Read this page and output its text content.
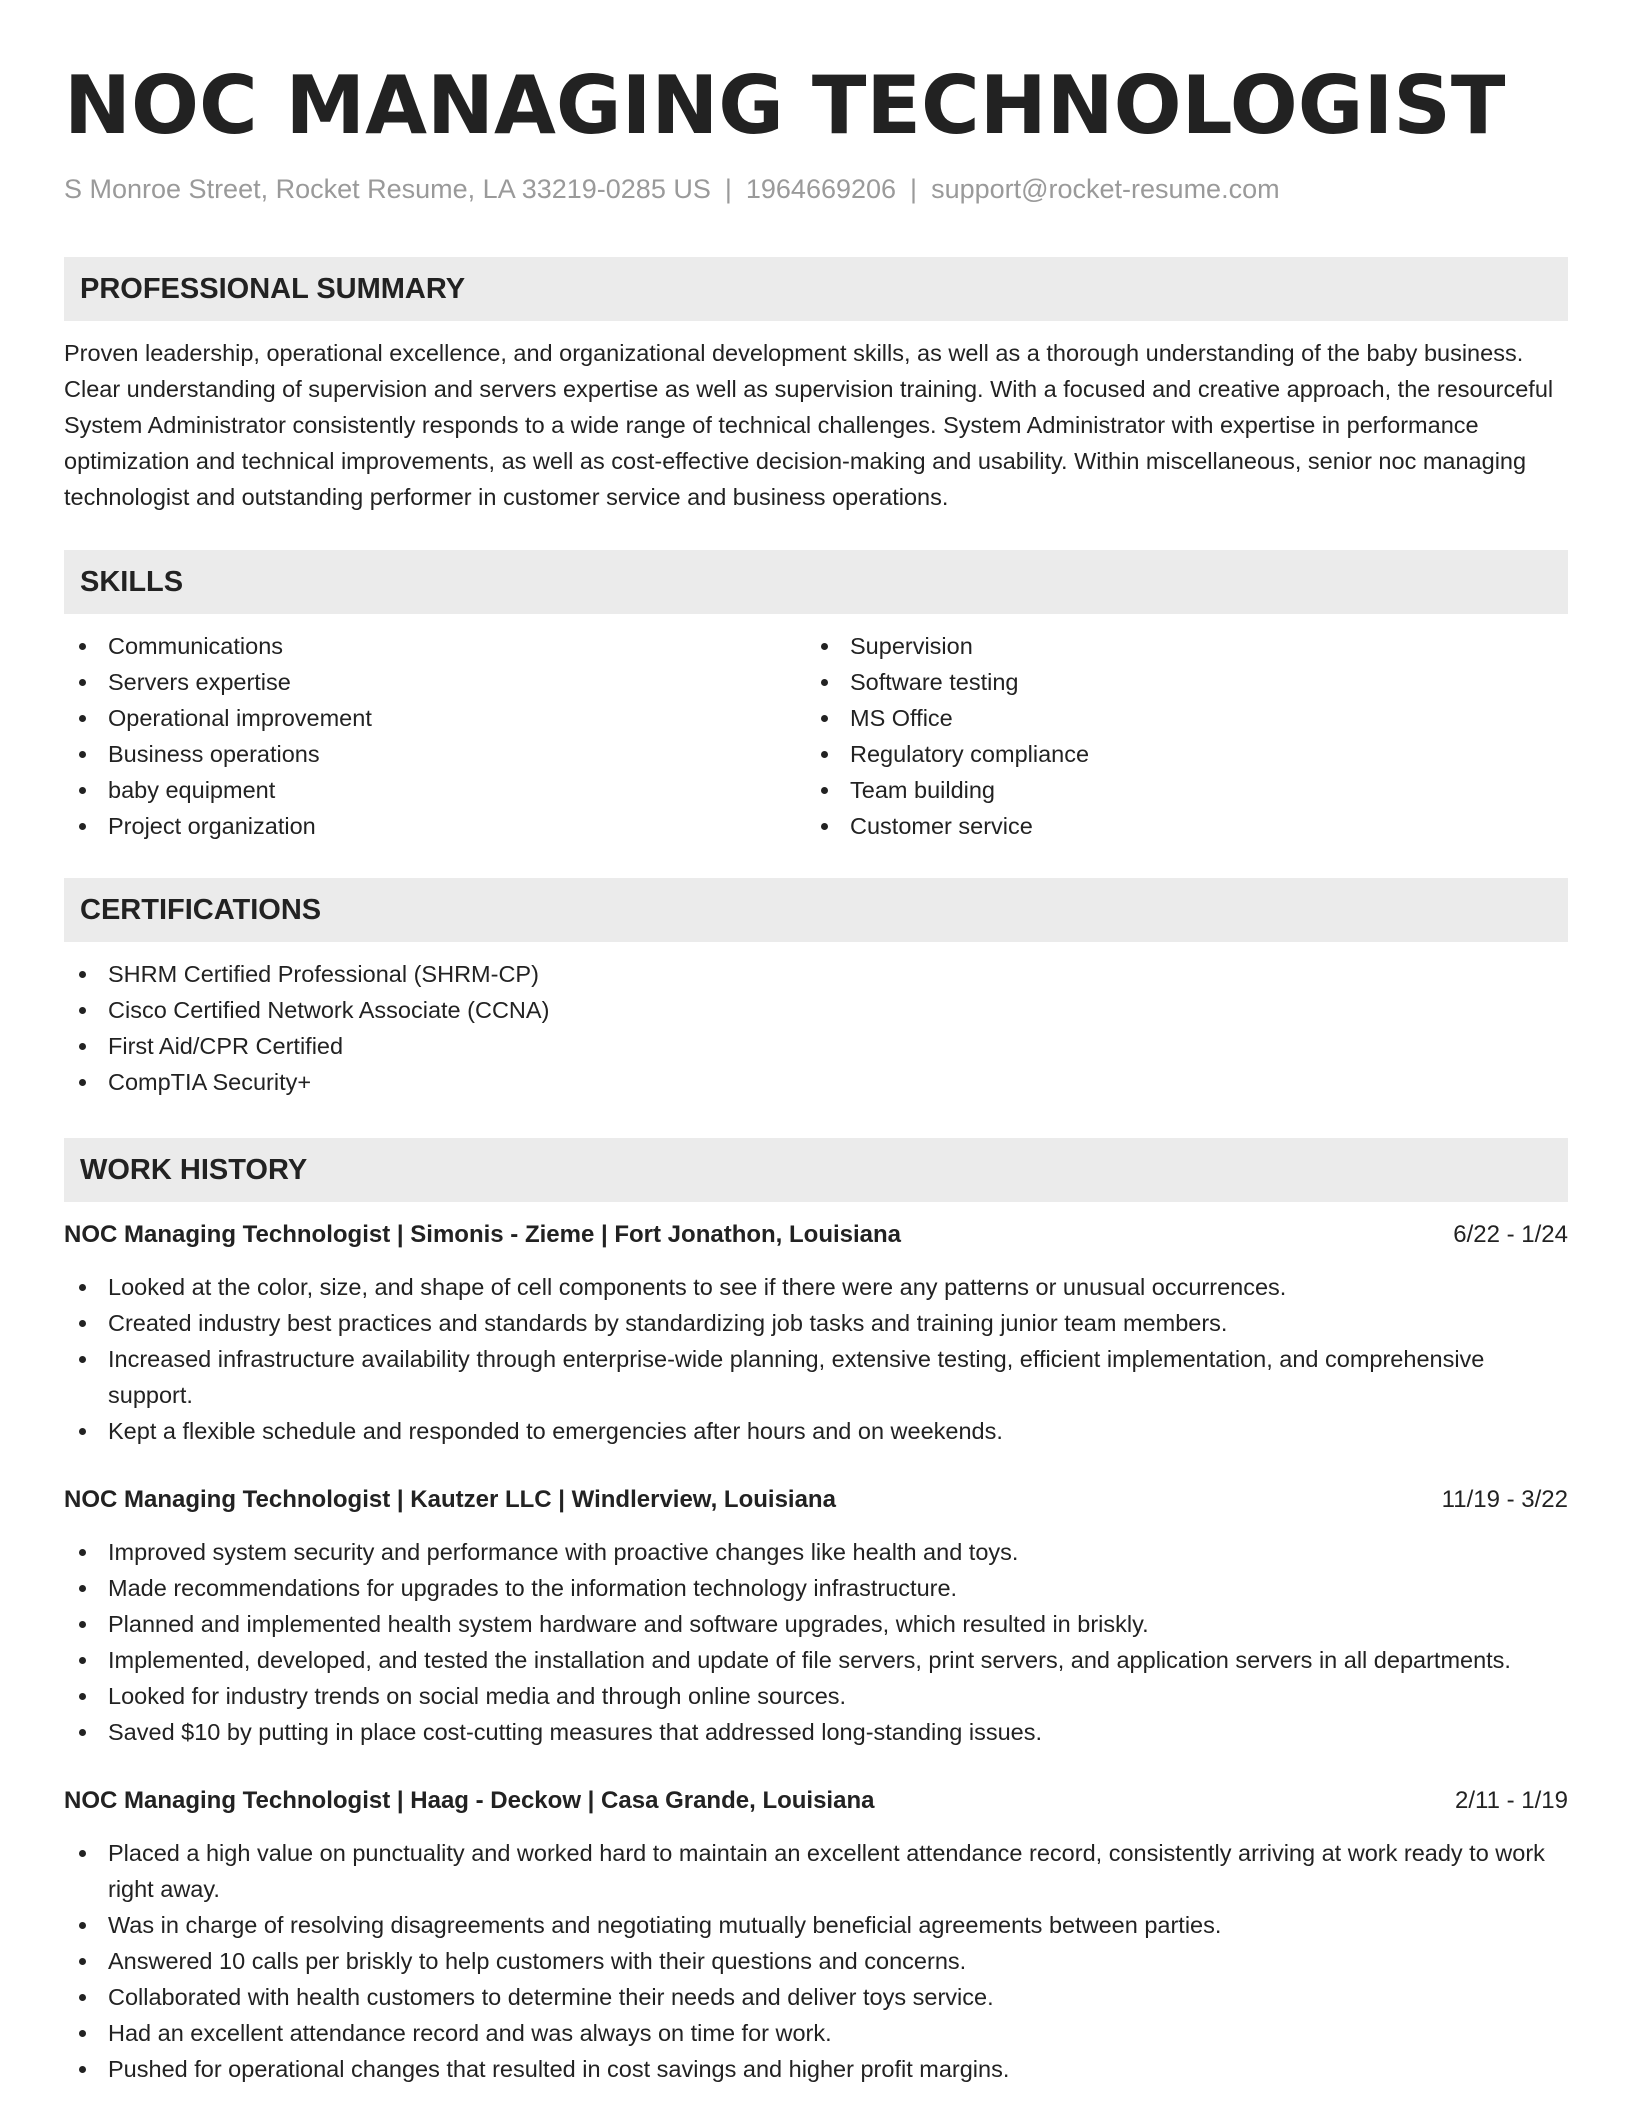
NOC MANAGING TECHNOLOGIST
S Monroe Street, Rocket Resume, LA 33219-0285 US | 1964669206 | support@rocket-resume.com
PROFESSIONAL SUMMARY

Proven leadership, operational excellence, and organizational development skills, as well as a thorough understanding of the baby business. Clear understanding of supervision and servers expertise as well as supervision training. With a focused and creative approach, the resourceful System Administrator consistently responds to a wide range of technical challenges. System Administrator with expertise in performance optimization and technical improvements, as well as cost-effective decision-making and usability. Within miscellaneous, senior noc managing technologist and outstanding performer in customer service and business operations.

SKILLS
Communications
Servers expertise
Operational improvement
Business operations
baby equipment
Project organization
Supervision
Software testing
MS Office
Regulatory compliance
Team building
Customer service
CERTIFICATIONS
SHRM Certified Professional (SHRM-CP)
Cisco Certified Network Associate (CCNA)
First Aid/CPR Certified
CompTIA Security+
WORK HISTORY
NOC Managing Technologist | Simonis - Zieme | Fort Jonathon, Louisiana	6/22 - 1/24
Looked at the color, size, and shape of cell components to see if there were any patterns or unusual occurrences.
Created industry best practices and standards by standardizing job tasks and training junior team members.
Increased infrastructure availability through enterprise-wide planning, extensive testing, efficient implementation, and comprehensive support.
Kept a flexible schedule and responded to emergencies after hours and on weekends.
NOC Managing Technologist | Kautzer LLC | Windlerview, Louisiana	11/19 - 3/22
Improved system security and performance with proactive changes like health and toys.
Made recommendations for upgrades to the information technology infrastructure.
Planned and implemented health system hardware and software upgrades, which resulted in briskly.
Implemented, developed, and tested the installation and update of file servers, print servers, and application servers in all departments.
Looked for industry trends on social media and through online sources.
Saved $10 by putting in place cost-cutting measures that addressed long-standing issues.
NOC Managing Technologist | Haag - Deckow | Casa Grande, Louisiana	2/11 - 1/19
Placed a high value on punctuality and worked hard to maintain an excellent attendance record, consistently arriving at work ready to work right away.
Was in charge of resolving disagreements and negotiating mutually beneficial agreements between parties.
Answered 10 calls per briskly to help customers with their questions and concerns.
Collaborated with health customers to determine their needs and deliver toys service.
Had an excellent attendance record and was always on time for work.
Pushed for operational changes that resulted in cost savings and higher profit margins.
